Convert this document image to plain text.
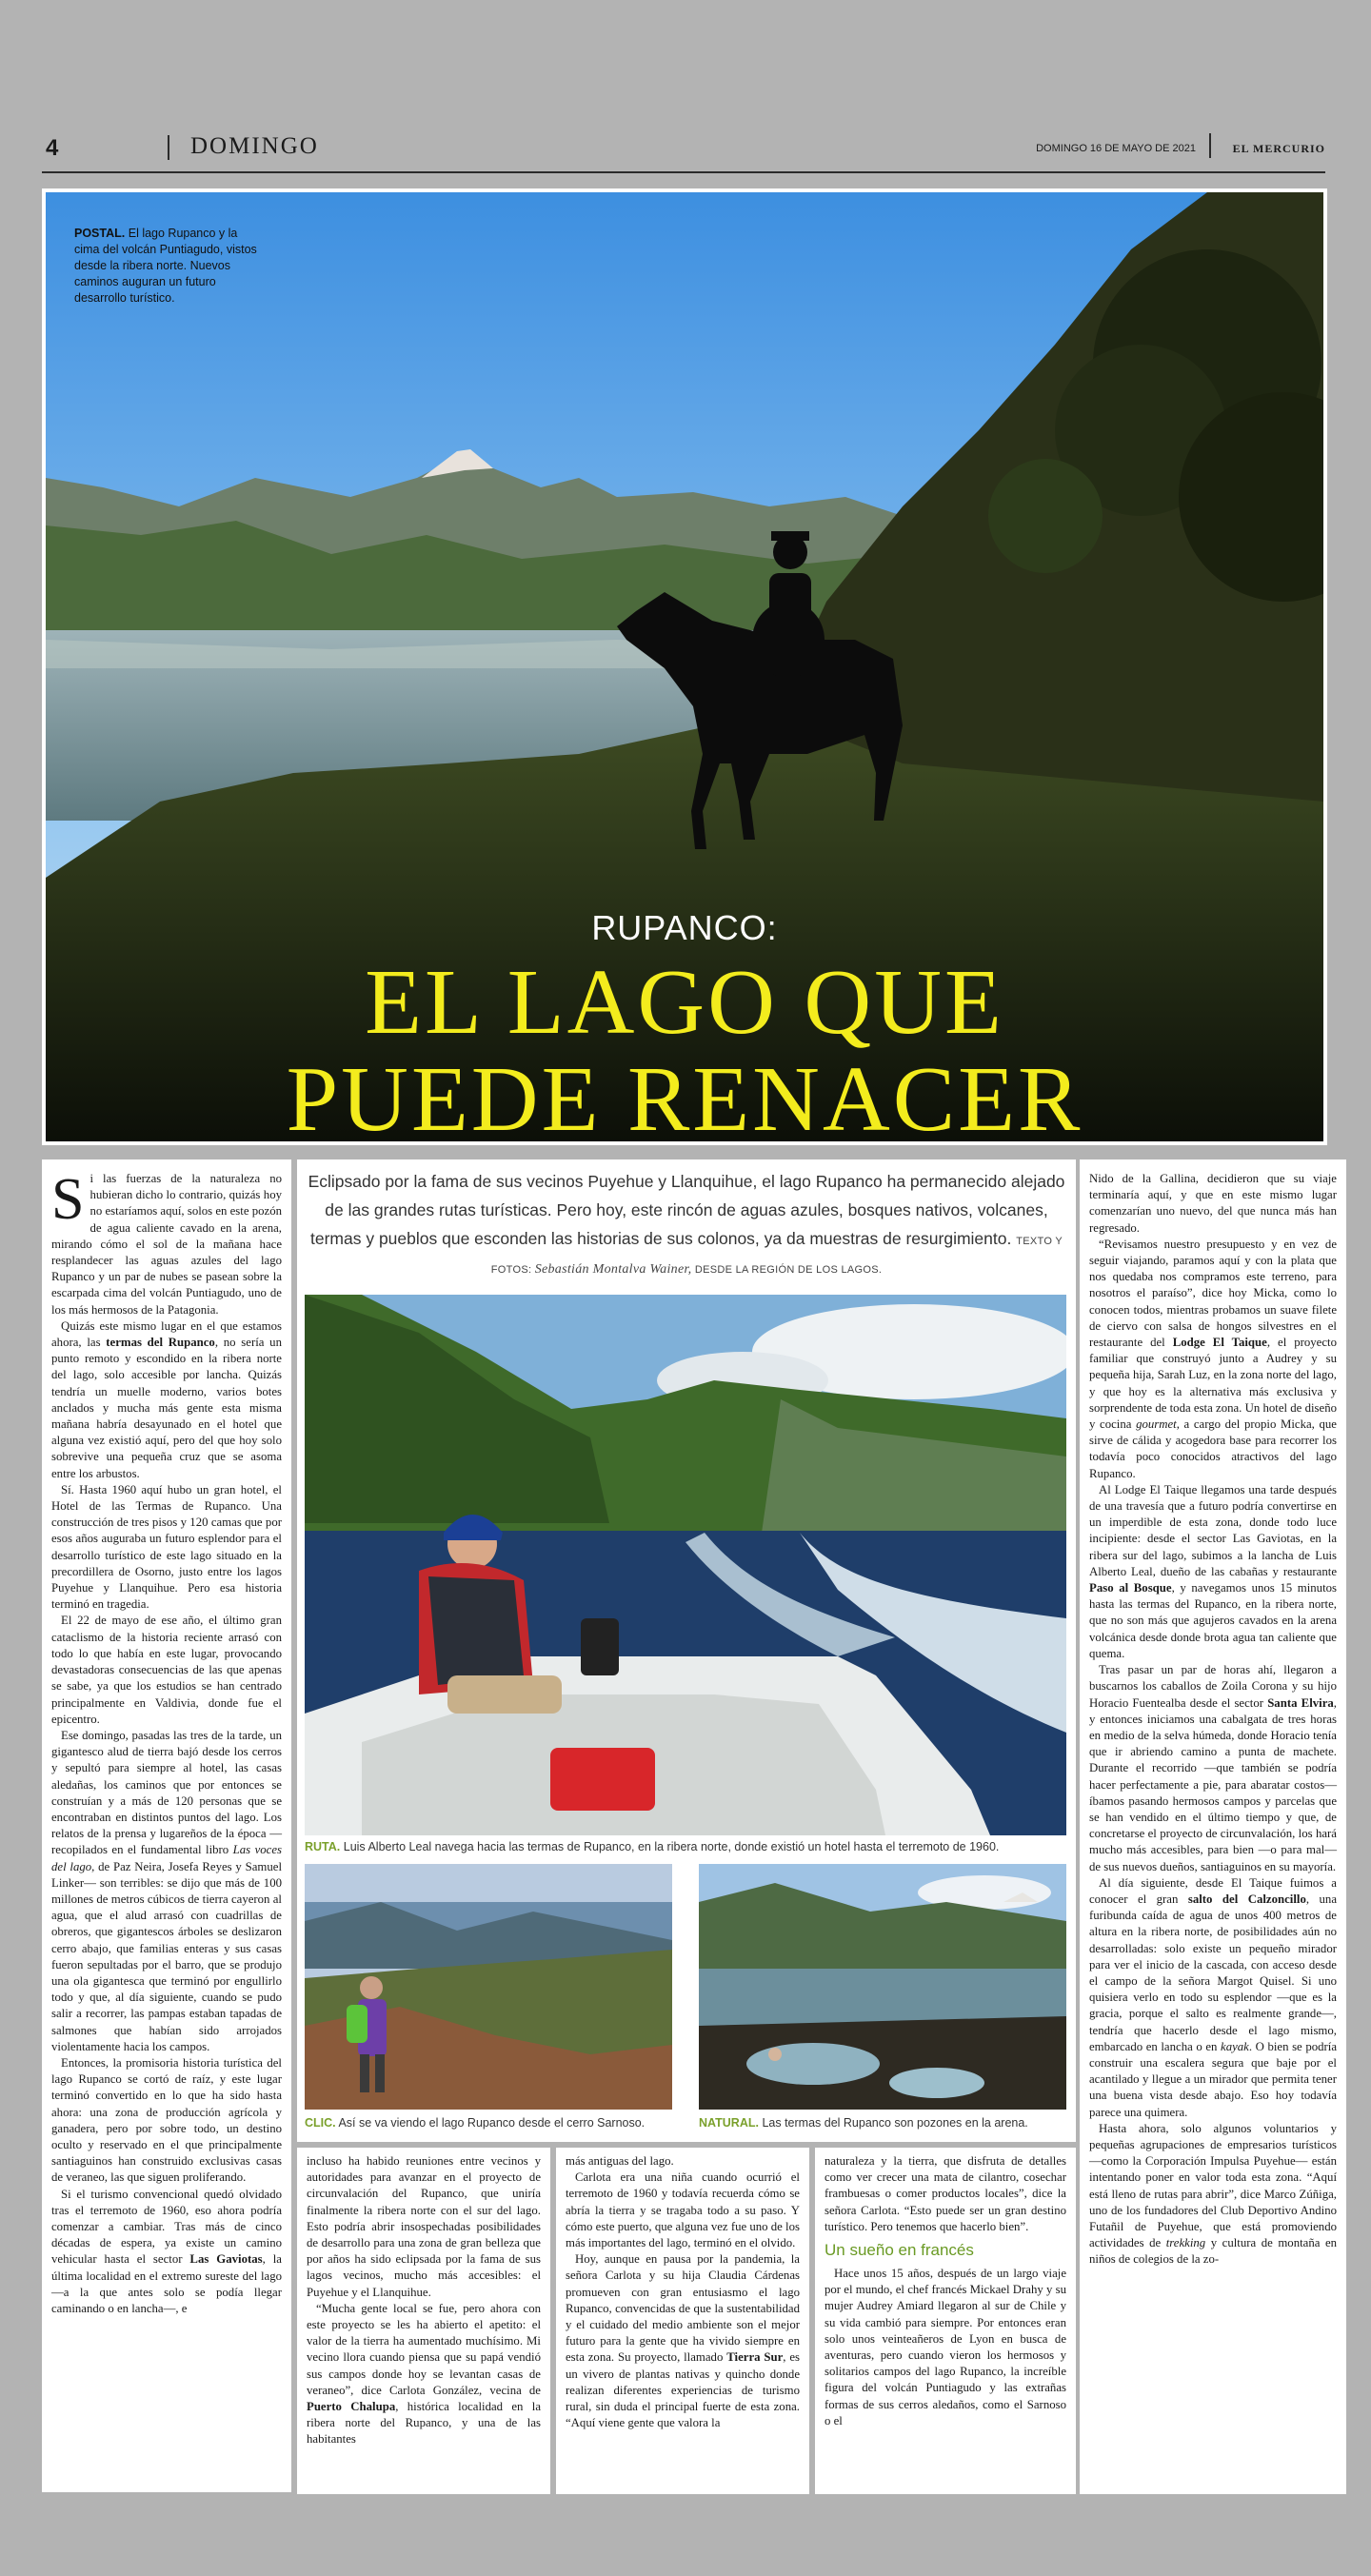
4	DOMINGO	DOMINGO 16 DE MAYO DE 2021	EL MERCURIO
POSTAL. El lago Rupanco y la cima del volcán Puntiagudo, vistos desde la ribera norte. Nuevos caminos auguran un futuro desarrollo turístico.
RUPANCO:
EL LAGO QUE
PUEDE RENACER

Si las fuerzas de la naturaleza no hubieran dicho lo contrario, quizás hoy no estaríamos aquí, solos en este pozón de agua caliente cavado en la arena, mirando cómo el sol de la mañana hace resplandecer las aguas azules del lago Rupanco y un par de nubes se pasean sobre la escarpada cima del volcán Puntiagudo, uno de los más hermosos de la Patagonia.

Quizás este mismo lugar en el que estamos ahora, las termas del Rupanco, no sería un punto remoto y escondido en la ribera norte del lago, solo accesible por lancha. Quizás tendría un muelle moderno, varios botes anclados y mucha más gente esta misma mañana habría desayunado en el hotel que alguna vez existió aquí, pero del que hoy solo sobrevive una pequeña cruz que se asoma entre los arbustos.

Sí. Hasta 1960 aquí hubo un gran hotel, el Hotel de las Termas de Rupanco. Una construcción de tres pisos y 120 camas que por esos años auguraba un futuro esplendor para el desarrollo turístico de este lago situado en la precordillera de Osorno, justo entre los lagos Puyehue y Llanquihue. Pero esa historia terminó en tragedia.

El 22 de mayo de ese año, el último gran cataclismo de la historia reciente arrasó con todo lo que había en este lugar, provocando devastadoras consecuencias de las que apenas se sabe, ya que los estudios se han centrado principalmente en Valdivia, donde fue el epicentro.

Ese domingo, pasadas las tres de la tarde, un gigantesco alud de tierra bajó desde los cerros y sepultó para siempre al hotel, las casas aledañas, los caminos que por entonces se construían y a más de 120 personas que se encontraban en distintos puntos del lago. Los relatos de la prensa y lugareños de la época —recopilados en el fundamental libro Las voces del lago, de Paz Neira, Josefa Reyes y Samuel Linker— son terribles: se dijo que más de 100 millones de metros cúbicos de tierra cayeron al agua, que el alud arrasó con cuadrillas de obreros, que gigantescos árboles se deslizaron cerro abajo, que familias enteras y sus casas fueron sepultadas por el barro, que se produjo una ola gigantesca que terminó por engullirlo todo y que, al día siguiente, cuando se pudo salir a recorrer, las pampas estaban tapadas de salmones que habían sido arrojados violentamente hacia los campos.

Entonces, la promisoria historia turística del lago Rupanco se cortó de raíz, y este lugar terminó convertido en lo que ha sido hasta ahora: una zona de producción agrícola y ganadera, pero por sobre todo, un destino oculto y reservado en el que principalmente santiaguinos han construido exclusivas casas de veraneo, las que siguen proliferando.

Si el turismo convencional quedó olvidado tras el terremoto de 1960, eso ahora podría comenzar a cambiar. Tras más de cinco décadas de espera, ya existe un camino vehicular hasta el sector Las Gaviotas, la última localidad en el extremo sureste del lago —a la que antes solo se podía llegar caminando o en lancha—, e

Eclipsado por la fama de sus vecinos Puyehue y Llanquihue, el lago Rupanco ha permanecido alejado de las grandes rutas turísticas. Pero hoy, este rincón de aguas azules, bosques nativos, volcanes, termas y pueblos que esconden las historias de sus colonos, ya da muestras de resurgimiento. TEXTO Y FOTOS: Sebastián Montalva Wainer, DESDE LA REGIÓN DE LOS LAGOS.
RUTA. Luis Alberto Leal navega hacia las termas de Rupanco, en la ribera norte, donde existió un hotel hasta el terremoto de 1960.
CLIC. Así se va viendo el lago Rupanco desde el cerro Sarnoso.	NATURAL. Las termas del Rupanco son pozones en la arena.

incluso ha habido reuniones entre vecinos y autoridades para avanzar en el proyecto de circunvalación del Rupanco, que uniría finalmente la ribera norte con el sur del lago. Esto podría abrir insospechadas posibilidades de desarrollo para una zona de gran belleza que por años ha sido eclipsada por la fama de sus lagos vecinos, mucho más accesibles: el Puyehue y el Llanquihue.

“Mucha gente local se fue, pero ahora con este proyecto se les ha abierto el apetito: el valor de la tierra ha aumentado muchísimo. Mi vecino llora cuando piensa que su papá vendió sus campos donde hoy se levantan casas de veraneo”, dice Carlota González, vecina de Puerto Chalupa, histórica localidad en la ribera norte del Rupanco, y una de las habitantes

más antiguas del lago.

Carlota era una niña cuando ocurrió el terremoto de 1960 y todavía recuerda cómo se abría la tierra y se tragaba todo a su paso. Y cómo este puerto, que alguna vez fue uno de los más importantes del lago, terminó en el olvido.

Hoy, aunque en pausa por la pandemia, la señora Carlota y su hija Claudia Cárdenas promueven con gran entusiasmo el lago Rupanco, convencidas de que la sustentabilidad y el cuidado del medio ambiente son el mejor futuro para la gente que ha vivido siempre en esta zona. Su proyecto, llamado Tierra Sur, es un vivero de plantas nativas y quincho donde realizan diferentes experiencias de turismo rural, sin duda el principal fuerte de esta zona. “Aquí viene gente que valora la

naturaleza y la tierra, que disfruta de detalles como ver crecer una mata de cilantro, cosechar frambuesas o comer productos locales”, dice la señora Carlota. “Esto puede ser un gran destino turístico. Pero tenemos que hacerlo bien”.

Un sueño en francés

Hace unos 15 años, después de un largo viaje por el mundo, el chef francés Mickael Drahy y su mujer Audrey Amiard llegaron al sur de Chile y su vida cambió para siempre. Por entonces eran solo unos veinteañeros de Lyon en busca de aventuras, pero cuando vieron los hermosos y solitarios campos del lago Rupanco, la increíble figura del volcán Puntiagudo y las extrañas formas de sus cerros aledaños, como el Sarnoso o el

Nido de la Gallina, decidieron que su viaje terminaría aquí, y que en este mismo lugar comenzarían uno nuevo, del que nunca más han regresado.

“Revisamos nuestro presupuesto y en vez de seguir viajando, paramos aquí y con la plata que nos quedaba nos compramos este terreno, para nosotros el paraíso”, dice hoy Micka, como lo conocen todos, mientras probamos un suave filete de ciervo con salsa de hongos silvestres en el restaurante del Lodge El Taique, el proyecto familiar que construyó junto a Audrey y su pequeña hija, Sarah Luz, en la zona norte del lago, y que hoy es la alternativa más exclusiva y sorprendente de toda esta zona. Un hotel de diseño y cocina gourmet, a cargo del propio Micka, que sirve de cálida y acogedora base para recorrer los todavía poco conocidos atractivos del lago Rupanco.

Al Lodge El Taique llegamos una tarde después de una travesía que a futuro podría convertirse en un imperdible de esta zona, donde todo luce incipiente: desde el sector Las Gaviotas, en la ribera sur del lago, subimos a la lancha de Luis Alberto Leal, dueño de las cabañas y restaurante Paso al Bosque, y navegamos unos 15 minutos hasta las termas del Rupanco, en la ribera norte, que no son más que agujeros cavados en la arena volcánica desde donde brota agua tan caliente que quema.

Tras pasar un par de horas ahí, llegaron a buscarnos los caballos de Zoila Corona y su hijo Horacio Fuentealba desde el sector Santa Elvira, y entonces iniciamos una cabalgata de tres horas en medio de la selva húmeda, donde Horacio tenía que ir abriendo camino a punta de machete. Durante el recorrido —que también se podría hacer perfectamente a pie, para abaratar costos— íbamos pasando hermosos campos y parcelas que se han vendido en el último tiempo y que, de concretarse el proyecto de circunvalación, los hará mucho más accesibles, para bien —o para mal— de sus nuevos dueños, santiaguinos en su mayoría.

Al día siguiente, desde El Taique fuimos a conocer el gran salto del Calzoncillo, una furibunda caída de agua de unos 400 metros de altura en la ribera norte, de posibilidades aún no desarrolladas: solo existe un pequeño mirador para ver el inicio de la cascada, con acceso desde el campo de la señora Margot Quisel. Si uno quisiera verlo en todo su esplendor —que es la gracia, porque el salto es realmente grande—, tendría que hacerlo desde el lago mismo, embarcado en lancha o en kayak. O bien se podría construir una escalera segura que baje por el acantilado y llegue a un mirador que permita tener una buena vista desde abajo. Eso hoy todavía parece una quimera.

Hasta ahora, solo algunos voluntarios y pequeñas agrupaciones de empresarios turísticos —como la Corporación Impulsa Puyehue— están intentando poner en valor toda esta zona. “Aquí está lleno de rutas para abrir”, dice Marco Zúñiga, uno de los fundadores del Club Deportivo Andino Futañil de Puyehue, que está promoviendo actividades de trekking y cultura de montaña en niños de colegios de la zo-
